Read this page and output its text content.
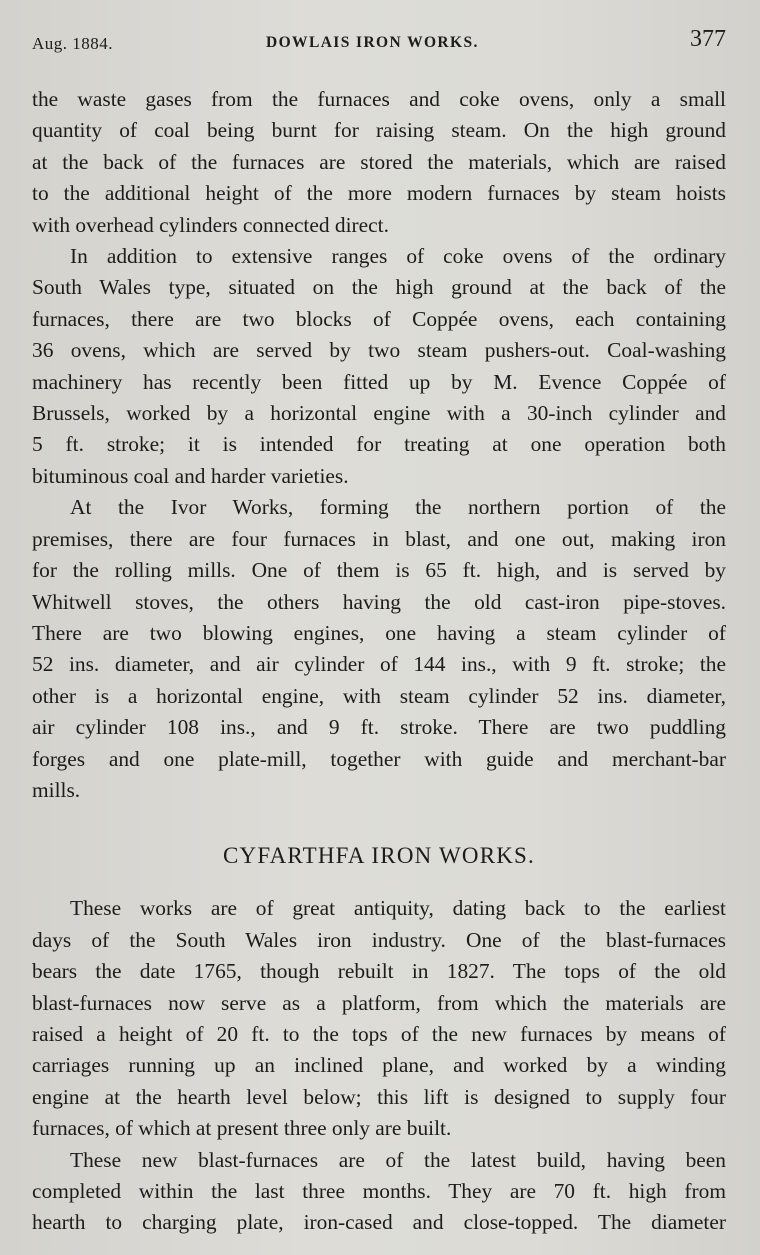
Aug. 1884.	DOWLAIS IRON WORKS.	377
the waste gases from the furnaces and coke ovens, only a small
quantity of coal being burnt for raising steam. On the high ground
at the back of the furnaces are stored the materials, which are raised
to the additional height of the more modern furnaces by steam hoists
with overhead cylinders connected direct.
In addition to extensive ranges of coke ovens of the ordinary
South Wales type, situated on the high ground at the back of the
furnaces, there are two blocks of Coppée ovens, each containing
36 ovens, which are served by two steam pushers-out. Coal-washing
machinery has recently been fitted up by M. Evence Coppée of
Brussels, worked by a horizontal engine with a 30-inch cylinder and
5 ft. stroke; it is intended for treating at one operation both
bituminous coal and harder varieties.
At the Ivor Works, forming the northern portion of the
premises, there are four furnaces in blast, and one out, making iron
for the rolling mills. One of them is 65 ft. high, and is served by
Whitwell stoves, the others having the old cast-iron pipe-stoves.
There are two blowing engines, one having a steam cylinder of
52 ins. diameter, and air cylinder of 144 ins., with 9 ft. stroke; the
other is a horizontal engine, with steam cylinder 52 ins. diameter,
air cylinder 108 ins., and 9 ft. stroke. There are two puddling
forges and one plate-mill, together with guide and merchant-bar
mills.
CYFARTHFA IRON WORKS.
These works are of great antiquity, dating back to the earliest
days of the South Wales iron industry. One of the blast-furnaces
bears the date 1765, though rebuilt in 1827. The tops of the old
blast-furnaces now serve as a platform, from which the materials are
raised a height of 20 ft. to the tops of the new furnaces by means of
carriages running up an inclined plane, and worked by a winding
engine at the hearth level below; this lift is designed to supply four
furnaces, of which at present three only are built.
These new blast-furnaces are of the latest build, having been
completed within the last three months. They are 70 ft. high from
hearth to charging plate, iron-cased and close-topped. The diameter
